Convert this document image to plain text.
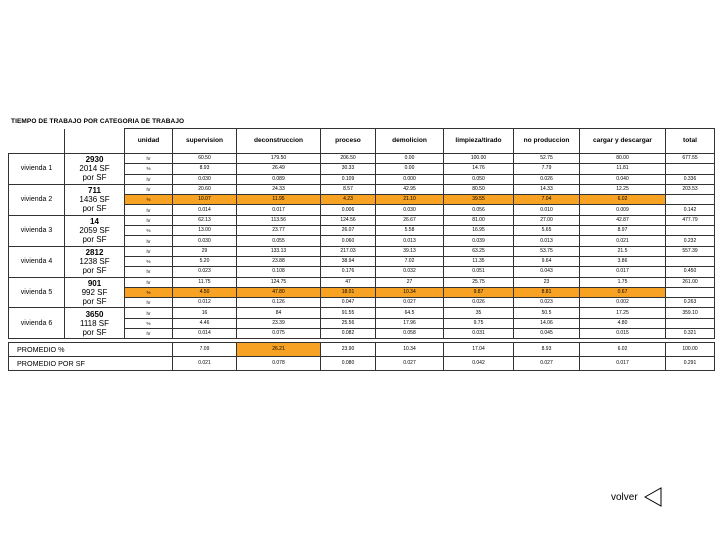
TIEMPO DE TRABAJO POR CATEGORIA DE TRABAJO
		unidad	supervision	deconstruccion	proceso	demolicion	limpieza/tirado	no produccion	cargar y descargar	total
vivienda 1	2930
2014 SF
por SF	hr	60.50	179.50	206.50	0.00	100.00	52.75	80.00	677.55
		%	8.93	26.49	30.33	0.00	14.76	7.79	11.81	
		hr	0.030	0.089	0.109	0.000	0.050	0.026	0.040	0.336
vivienda 2	711
1436 SF
por SF	hr	20.60	24.33	8.57	42.95	80.50	14.33	12.25	203.53
		%	10.07	11.95	4.23	21.10	39.55	7.04	6.02	
		hr	0.014	0.017	0.006	0.030	0.056	0.010	0.009	0.142
vivienda 3	14
2059 SF
por SF	hr	62.13	113.56	124.56	26.67	81.00	27.00	42.87	477.79
		%	13.00	23.77	26.07	5.58	16.95	5.65	8.97	
		hr	0.030	0.055	0.060	0.013	0.039	0.013	0.021	0.232
vivienda 4	2812
1238 SF
por SF	hr	29	133.13	217.03	39.13	63.25	53.75	21.5	557.39
		%	5.20	23.88	38.94	7.02	11.35	9.64	3.86	
		hr	0.023	0.108	0.176	0.032	0.051	0.043	0.017	0.450
vivienda 5	901
992 SF
por SF	hr	11.75	124.75	47	27	25.75	23	1.75	261.00
		%	4.50	47.80	18.01	10.34	9.87	8.81	0.67	
		hr	0.012	0.126	0.047	0.027	0.026	0.023	0.002	0.263
vivienda 6	3650
1118 SF
por SF	hr	16	84	91.55	64.5	35	50.5	17.25	359.10
		%	4.46	23.39	25.56	17.96	9.75	14.06	4.80	
		hr	0.014	0.075	0.082	0.058	0.031	0.045	0.015	0.321

PROMEDIO %			7.09	26.21	23.90	10.34	17.04	8.93	6.02	100.00
PROMEDIO POR SF			0.021	0.078	0.080	0.027	0.042	0.027	0.017	0.291
volver
